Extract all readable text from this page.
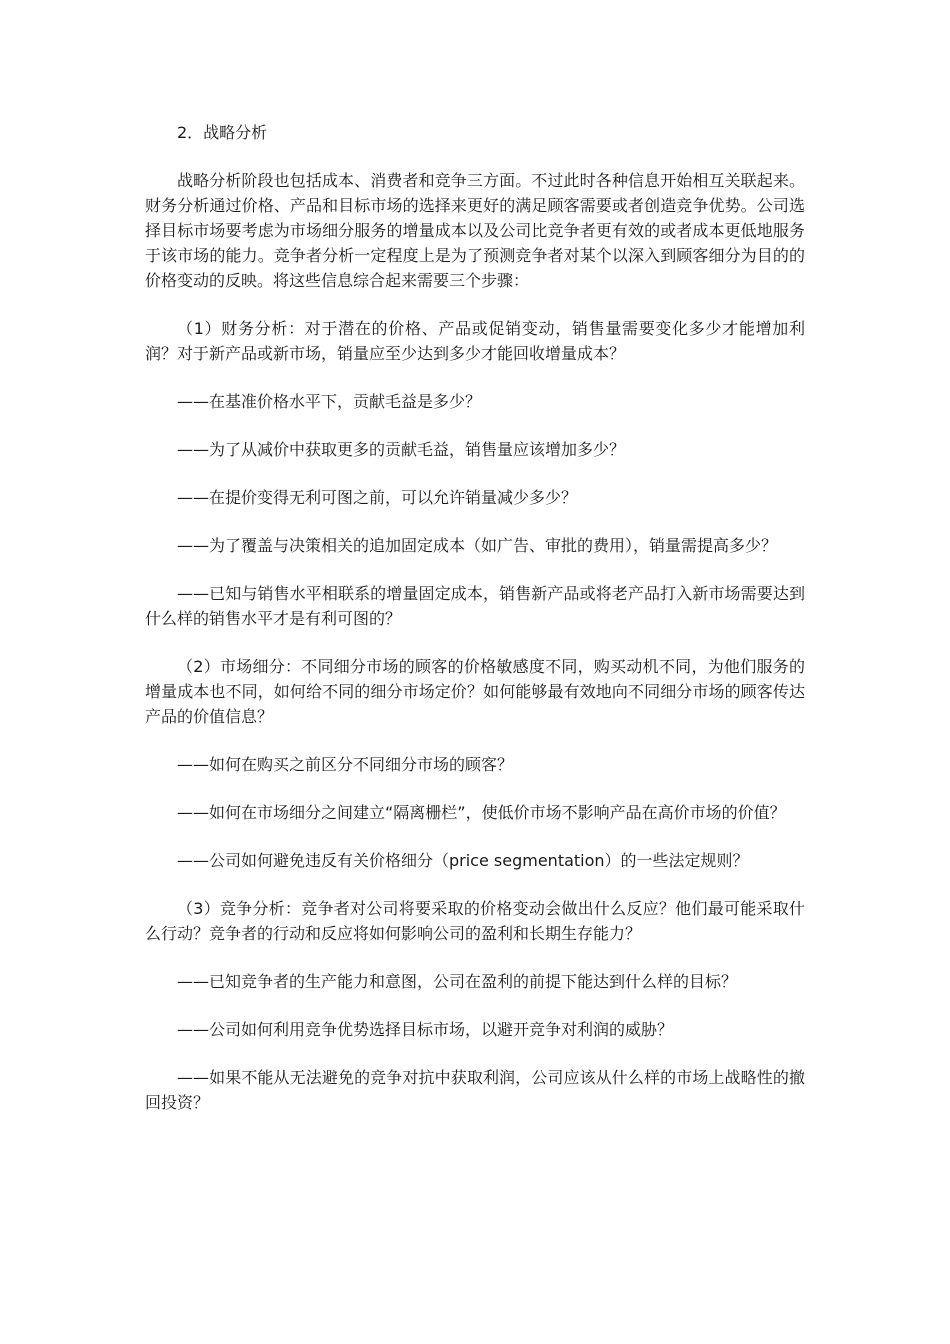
2．战略分析
战略分析阶段也包括成本、消费者和竞争三方面。不过此时各种信息开始相互关联起来。财务分析通过价格、产品和目标市场的选择来更好的满足顾客需要或者创造竞争优势。公司选择目标市场要考虑为市场细分服务的增量成本以及公司比竞争者更有效的或者成本更低地服务于该市场的能力。竞争者分析一定程度上是为了预测竞争者对某个以深入到顾客细分为目的的价格变动的反映。将这些信息综合起来需要三个步骤：
（1）财务分析：对于潜在的价格、产品或促销变动，销售量需要变化多少才能增加利润？对于新产品或新市场，销量应至少达到多少才能回收增量成本？
——在基准价格水平下，贡献毛益是多少？
——为了从减价中获取更多的贡献毛益，销售量应该增加多少？
——在提价变得无利可图之前，可以允许销量减少多少？
——为了覆盖与决策相关的追加固定成本（如广告、审批的费用），销量需提高多少？
——已知与销售水平相联系的增量固定成本，销售新产品或将老产品打入新市场需要达到什么样的销售水平才是有利可图的？
（2）市场细分：不同细分市场的顾客的价格敏感度不同，购买动机不同，为他们服务的增量成本也不同，如何给不同的细分市场定价？如何能够最有效地向不同细分市场的顾客传达产品的价值信息？
——如何在购买之前区分不同细分市场的顾客？
——如何在市场细分之间建立“隔离栅栏”，使低价市场不影响产品在高价市场的价值？
——公司如何避免违反有关价格细分（price segmentation）的一些法定规则？
（3）竞争分析：竞争者对公司将要采取的价格变动会做出什么反应？他们最可能采取什么行动？竞争者的行动和反应将如何影响公司的盈利和长期生存能力？
——已知竞争者的生产能力和意图，公司在盈利的前提下能达到什么样的目标？
——公司如何利用竞争优势选择目标市场，以避开竞争对利润的威胁？
——如果不能从无法避免的竞争对抗中获取利润，公司应该从什么样的市场上战略性的撤回投资？
